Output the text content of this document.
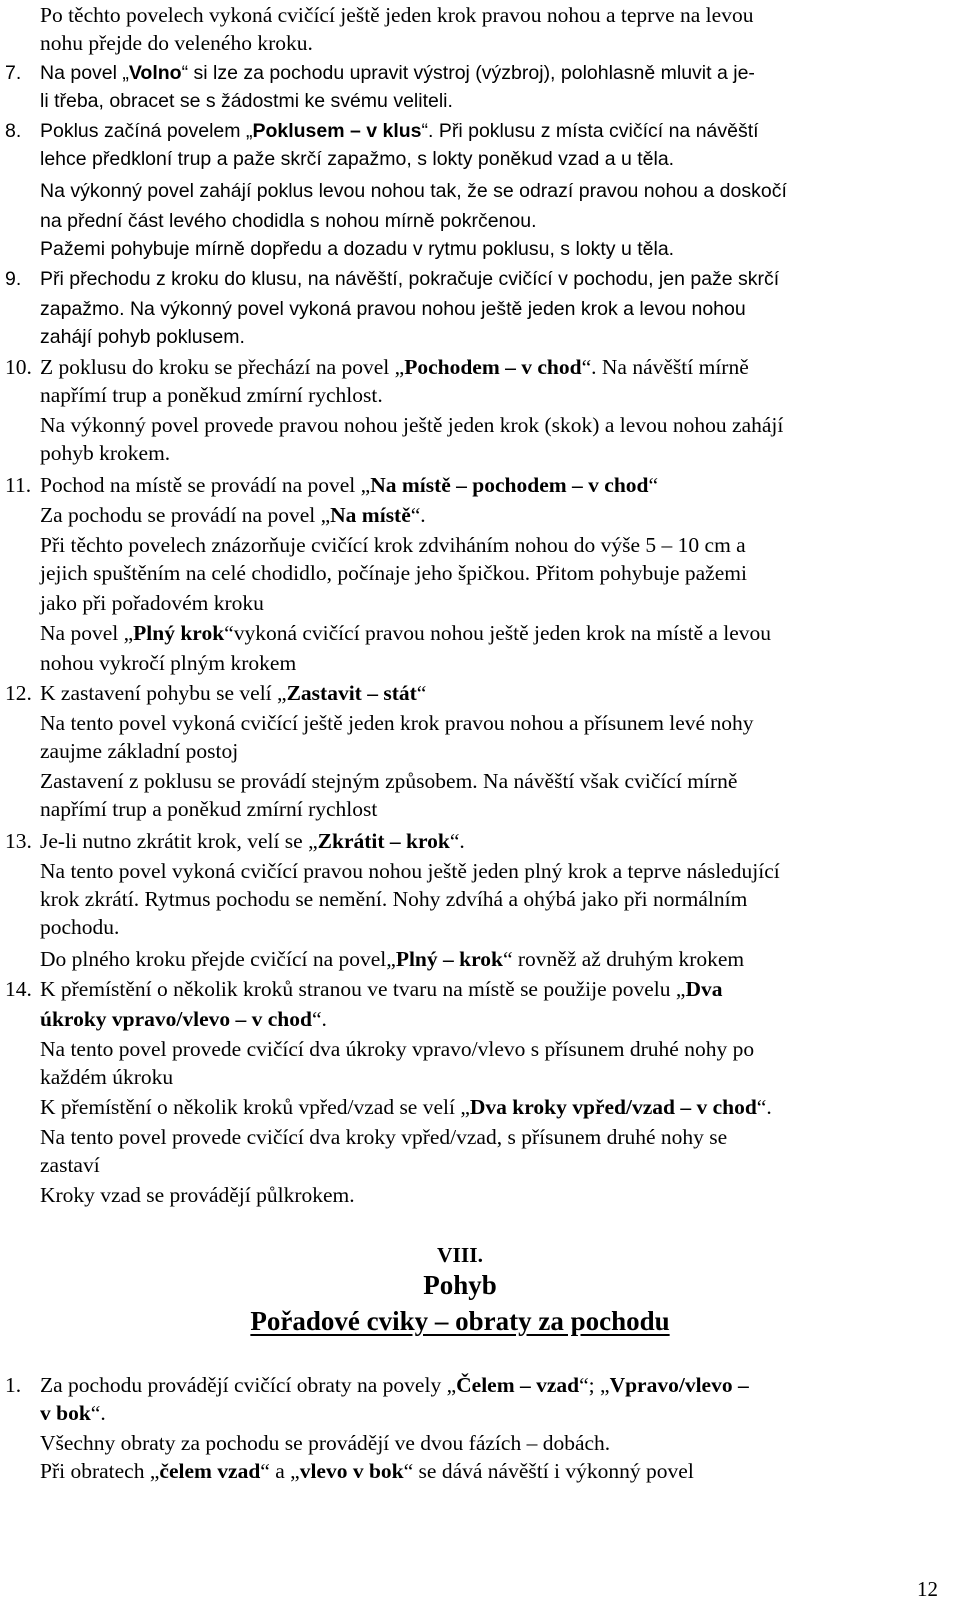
Po těchto povelech vykoná cvičící ještě jeden krok pravou nohou a teprve na levou
nohu přejde do veleného kroku.
7. Na povel „Volno“ si lze za pochodu upravit výstroj (výzbroj), polohlasně mluvit a je-
li třeba, obracet se s žádostmi ke svému veliteli.
8. Poklus začíná povelem „Poklusem – v klus“. Při poklusu z místa cvičící na návěští
lehce předkloní trup a paže skrčí zapažmo, s lokty poněkud vzad a u těla.
Na výkonný povel zahájí poklus levou nohou tak, že se odrazí pravou nohou a doskočí
na přední část levého chodidla s nohou mírně pokrčenou.
Pažemi pohybuje mírně dopředu a dozadu v rytmu poklusu, s lokty u těla.
9. Při přechodu z kroku do klusu, na návěští, pokračuje cvičící v pochodu, jen paže skrčí
zapažmo. Na výkonný povel vykoná pravou nohou ještě jeden krok a levou nohou
zahájí pohyb poklusem.
10. Z poklusu do kroku se přechází na povel „Pochodem – v chod“. Na návěští mírně
napřímí trup a poněkud zmírní rychlost.
Na výkonný povel provede pravou nohou ještě jeden krok (skok) a levou nohou zahájí
pohyb krokem.
11. Pochod na místě se provádí na povel „Na místě – pochodem – v chod“
Za pochodu se provádí na povel „Na místě“.
Při těchto povelech znázorňuje cvičící krok zdviháním nohou do výše 5 – 10 cm a
jejich spuštěním na celé chodidlo, počínaje jeho špičkou. Přitom pohybuje pažemi
jako při pořadovém kroku
Na povel „Plný krok“vykoná cvičící pravou nohou ještě jeden krok na místě a levou
nohou vykročí plným krokem
12. K zastavení pohybu se velí „Zastavit – stát“
Na tento povel vykoná cvičící ještě jeden krok pravou nohou a přísunem levé nohy
zaujme základní postoj
Zastavení z poklusu se provádí stejným způsobem. Na návěští však cvičící mírně
napřímí trup a poněkud zmírní rychlost
13. Je-li nutno zkrátit krok, velí se „Zkrátit – krok“.
Na tento povel vykoná cvičící pravou nohou ještě jeden plný krok a teprve následující
krok zkrátí. Rytmus pochodu se nemění. Nohy zdvíhá a ohýbá jako při normálním
pochodu.
Do plného kroku přejde cvičící na povel„Plný – krok“ rovněž až druhým krokem
14. K přemístění o několik kroků stranou ve tvaru na místě se použije povelu „Dva
úkroky vpravo/vlevo – v chod“.
Na tento povel provede cvičící dva úkroky vpravo/vlevo s přísunem druhé nohy po
každém úkroku
K přemístění o několik kroků vpřed/vzad se velí „Dva kroky vpřed/vzad – v chod“.
Na tento povel provede cvičící dva kroky vpřed/vzad, s přísunem druhé nohy se
zastaví
Kroky vzad se provádějí půlkrokem.
VIII.
Pohyb
Pořadové cviky – obraty za pochodu
1. Za pochodu provádějí cvičící obraty na povely „Čelem – vzad“; „Vpravo/vlevo –
v bok“.
Všechny obraty za pochodu se provádějí ve dvou fázích – dobách.
Při obratech „čelem vzad“ a „vlevo v bok“ se dává návěští i výkonný povel
12
